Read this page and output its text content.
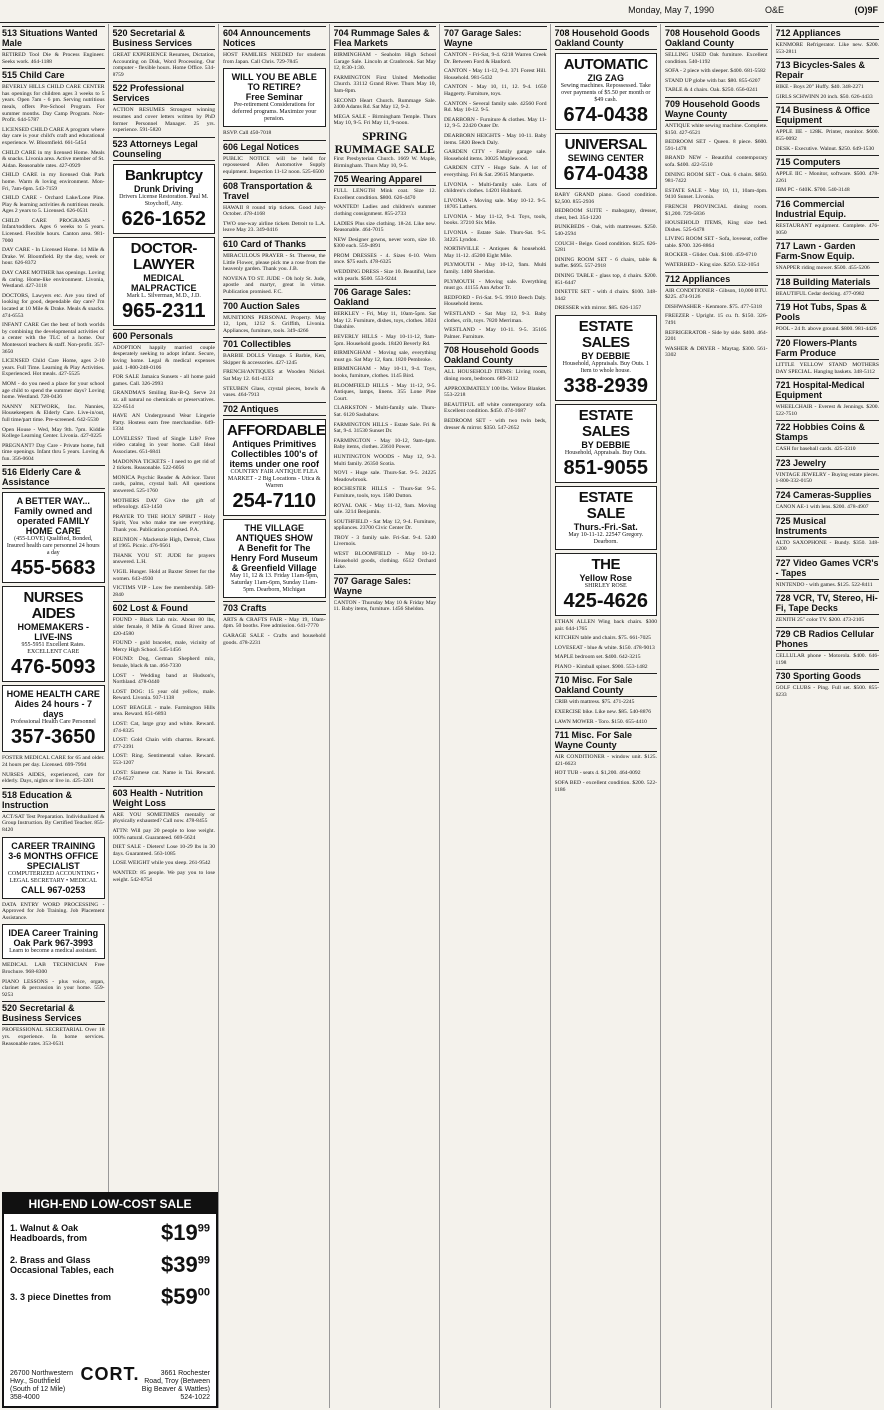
Monday, May 7, 1990	O&E	(O)9F
513 Situations Wanted Male
RETIRED Tool Die & Process Engineer. Seeks work. 464-1188
515 Child Care
BEVERLY HILLS CHILD CARE CENTER has openings for children ages 3 weeks to 5 years. Open 7am - 6 pm. Serving nutritious meals, offers Pre-School Program. For summer months. Day Camp Program. Non-Profit. 644-5787
LICENSED CHILD CARE A program where day care is your child's craft and educational experience. W. Bloomfield. 661-5454
CHILD CARE in my licensed Home. Meals & snacks. Livonia area. Active member of St. Aidan. Reasonable rates. 427-0929
CHILD CARE in my licensed Oak Park home. Warm & loving environment. Mon-Fri, 7am-6pm. 543-7159
CHILD CARE - Orchard Lake/Lone Pine. Play & learning activities & nutritious meals. Ages 2 years to 5. Licensed. 626-0531
CHILD CARE PROGRAMS - Infant/toddlers. Ages 6 weeks to 5 years. Licensed. Flexible hours. Canton area. 981-7000
DAY CARE - In Licensed Home. 14 Mile & Drake. W. Bloomfield. By the day, week or hour. 626-8372
DAY CARE MOTHER has openings. Loving & caring. Home-like environment. Livonia, Westland. 427-3118
DOCTORS, Lawyers etc. Are you tired of looking for good, dependable day care? I'm located at 10 Mile & Drake. Meals & snacks. 474-6553
INFANT CARE Get the best of both worlds by combining the developmental activities of a center with the TLC of a home. Our Montessori teachers & staff. Non-profit. 357-3650
LICENSED Child Care Home, ages 2-10 years. Full Time. Learning & Play Activities. Experienced. Hot meals. 427-5525
MOM - do you need a place for your school age child to spend the summer days? Loving home. Westland. 728-0436
NANNY NETWORK, Inc. Nannies, Housekeepers & Elderly Care. Live-in/out, full time/part time. Pre-screened. 642-5530
Open House - Wed, May 9th. 7pm. Kiddie Kollege Learning Center. Livonia. 427-0225
PREGNANT? Day Care - Private home, full time openings. Infant thru 5 years. Loving & fun. 356-0604
516 Elderly Care & Assistance
A BETTER WAY...
Family owned and operated FAMILY HOME CARE
(455-LOVE) Qualified, Bonded, Insured health care personnel 24 hours a day
455-5683
NURSES AIDES
HOMEMAKERS - LIVE-INS
955-5951 Excellent Rates. EXCELLENT CARE
476-5093
HOME HEALTH CARE
Aides 24 hours - 7 days
Professional Health Care Personnel
357-3650
FOSTER MEDICAL CARE for 65 and older. 24 hours per day. Licensed. 699-7994
NURSES AIDES, experienced, care for elderly. Days, nights or live in. 425-3201
518 Education & Instruction
ACT/SAT Test Preparation. Individualized & Group Instruction. By Certified Teacher. 855-8420
CAREER TRAINING
3-6 MONTHS OFFICE SPECIALIST
COMPUTERIZED ACCOUNTING • LEGAL SECRETARY • MEDICAL
CALL 967-0253
DATA ENTRY WORD PROCESSING - Approved for Job Training. Job Placement Assistance.
IDEA Career Training
Oak Park 967-3993
Learn to become a medical assistant.
MEDICAL LAB TECHNICIAN Free Brochure. 968-8300
PIANO LESSONS - plus voice, organ, clarinet & percussion in your home. 559-9253
520 Secretarial & Business Services
PROFESSIONAL SECRETARIAL Over 18 yrs. experience. In home services. Reasonable rates. 353-0531
520 Secretarial & Business Services
GREAT EXPERIENCE Resumes, Dictation, Accounting on Disk, Word Processing. Our computer - flexible hours. Home Office. 534-8759
522 Professional Services
ACTION RESUMES Strongest winning resumes and cover letters written by PhD former Personnel Manager. 25 yrs. experience. 591-5820
523 Attorneys Legal Counseling
Bankruptcy
Drunk Driving
Drivers License Restoration. Paul M. Stoychoff, Atty.
626-1652
DOCTOR-LAWYER
MEDICAL MALPRACTICE
Mark L. Silverman, M.D., J.D.
965-2311
600 Personals
ADOPTION happily married couple desperately seeking to adopt infant. Secure, loving home. Legal & medical expenses paid. 1-800-248-0106
FOR SALE Jamaica Sunsets - all home paid games. Call. 326-2993
GRANDMA'S Smiling Bar-B-Q. Serve 24 oz. all natural no chemicals or preservatives. 322-6514
HAVE AN Underground Wear Lingerie Party. Hostess earn free merchandise. 649-1334
LOVELESS? Tired of Single Life? Free video catalog in your home. Call Ideal Associates. 651-6841
MADONNA TICKETS - I need to get rid of 2 tickets. Reasonable. 522-6056
MONICA Psychic Reader & Advisor. Tarot cards, palms, crystal ball. All questions answered. 525-1760
MOTHERS DAY Give the gift of reflexology. 453-1450
PRAYER TO THE HOLY SPIRIT - Holy Spirit, You who make me see everything. Thank you. Publication promised. P.A.
REUNION - Mackenzie High, Detroit, Class of 1965. Picnic. 476-9561
THANK YOU ST. JUDE for prayers answered. L.H.
VIGIL Hunger. Hold at Baxter Street for the women. 643-4930
VICTIMS VIP - Low fee membership. 589-2840
602 Lost & Found
FOUND - Black Lab mix. About 80 lbs, older female, 8 Mile & Grand River area. 420-4580
FOUND - gold bracelet, male, vicinity of Mercy High School. 545-1456
FOUND: Dog, German Shepherd mix, female, black & tan. 464-7330
LOST - Wedding band at Hudson's, Northland. 478-0440
LOST DOG: 15 year old yellow, male. Reward. Livonia. 937-1138
LOST BEAGLE - male. Farmington Hills area. Reward. 851-6893
LOST: Cat, large gray and white. Reward. 474-8325
LOST: Gold Chain with charms. Reward. 477-2391
LOST: Ring. Sentimental value. Reward. 553-1207
LOST: Siamese cat. Name is Tai. Reward. 474-6527
603 Health - Nutrition Weight Loss
ARE YOU SOMETIMES mentally or physically exhausted? Call now. 478-8455
ATTN: Will pay 20 people to lose weight. 100% natural. Guaranteed. 669-5624
DIET SALE - Dieters! Lose 10-29 lbs in 30 days. Guaranteed. 563-1085
LOSE WEIGHT while you sleep. 261-9542
WANTED: 85 people. We pay you to lose weight. 542-8754
604 Announcements Notices
HOST FAMILIES NEEDED for students from Japan. Call Chris. 729-7845
WILL YOU BE ABLE TO RETIRE?
Free Seminar
Pre-retirement Considerations for deferred programs. Maximize your pension.
RSVP. Call 450-7018
606 Legal Notices
PUBLIC NOTICE will be held for repossessed Allen Automotive Supply equipment. Inspection 11-12 noon. 525-6500
608 Transportation & Travel
HAWAII 8 round trip tickets. Good July-October. 478-4168
TWO one-way airline tickets Detroit to L.A. leave May 23. 349-0416
610 Card of Thanks
MIRACULOUS PRAYER - St. Therese, the Little Flower, please pick me a rose from the heavenly garden. Thank you. J.B.
NOVENA TO ST. JUDE - Oh holy St. Jude, apostle and martyr, great in virtue. Publication promised. F.C.
700 Auction Sales
MUNITIONS PERSONAL Property. May 12, 1pm, 1212 S. Griffith, Livonia. Appliances, furniture, tools. 349-4266
701 Collectibles
BARBIE DOLLS Vintage. 5 Barbie, Ken, Skipper & accessories. 427-1245
FRENCH/ANTIQUES at Wooden Nickel. Sat May 12. 641-4133
STEUBEN Glass, crystal pieces, bowls & vases. 464-7913
702 Antiques
AFFORDABLE
Antiques Primitives Collectibles 100's of items under one roof
COUNTRY FAIR ANTIQUE FLEA MARKET - 2 Big Locations - Utica & Warren
254-7110
THE VILLAGE ANTIQUES SHOW
A Benefit for The Henry Ford Museum & Greenfield Village
May 11, 12 & 13. Friday 11am-9pm, Saturday 11am-6pm, Sunday 11am-5pm. Dearborn, Michigan
703 Crafts
ARTS & CRAFTS FAIR - May 19, 10am-4pm. 50 booths. Free admission. 641-7770
GARAGE SALE - Crafts and household goods. 478-2231
704 Rummage Sales & Flea Markets
BIRMINGHAM - Seaholm High School Garage Sale. Lincoln at Cranbrook. Sat May 12, 8:30-1:30.
FARMINGTON First United Methodist Church. 33112 Grand River. Thurs May 10, 9am-8pm.
SECOND Heart Church. Rummage Sale. 2400 Adams Rd. Sat May 12, 9-2.
MEGA SALE - Birmingham Temple. Thurs May 10, 9-5. Fri May 11, 9-noon.
SPRING RUMMAGE SALE
First Presbyterian Church. 1669 W. Maple, Birmingham. Thurs May 10, 9-5.
705 Wearing Apparel
FULL LENGTH Mink coat. Size 12. Excellent condition. $800. 626-4470
WANTED! Ladies and children's summer clothing consignment. 855-2733
LADIES Plus size clothing. 18-24. Like new. Reasonable. 464-7015
NEW Designer gowns, never worn, size 10. $300 each. 559-4891
PROM DRESSES - 4. Sizes 6-10. Worn once. $75 each. 478-6325
WEDDING DRESS - Size 10. Beautiful, lace with pearls. $500. 553-9244
706 Garage Sales: Oakland
BERKLEY - Fri, May 11, 10am-5pm. Sat May 12. Furniture, dishes, toys, clothes. 3024 Oakshire.
BEVERLY HILLS - May 10-11-12, 9am-5pm. Household goods. 18420 Beverly Rd.
BIRMINGHAM - Moving sale, everything must go. Sat May 12, 8am. 1820 Pembroke.
BIRMINGHAM - May 10-11, 9-4. Toys, books, furniture, clothes. 1145 Bird.
BLOOMFIELD HILLS - May 11-12, 9-5. Antiques, lamps, linens. 355 Lone Pine Court.
CLARKSTON - Multi-family sale. Thurs-Sat. 6120 Sashabaw.
FARMINGTON HILLS - Estate Sale. Fri & Sat, 9-4. 31530 Sunset Dr.
FARMINGTON - May 10-12, 9am-4pm. Baby items, clothes. 23610 Power.
HUNTINGTON WOODS - May 12, 9-3. Multi family. 26350 Scotia.
NOVI - Huge sale. Thurs-Sat. 9-5. 24225 Meadowbrook.
ROCHESTER HILLS - Thurs-Sat 9-5. Furniture, tools, toys. 1580 Dutton.
ROYAL OAK - May 11-12, 9am. Moving sale. 3214 Benjamin.
SOUTHFIELD - Sat May 12, 9-4. Furniture, appliances. 23700 Civic Center Dr.
TROY - 3 family sale. Fri-Sat. 9-4. 5240 Livernois.
WEST BLOOMFIELD - May 10-12. Household goods, clothing. 6512 Orchard Lake.
707 Garage Sales: Wayne
CANTON - Thursday May 10 & Friday May 11. Baby items, furniture. 1456 Sheldon.
707 Garage Sales: Wayne
CANTON - Fri-Sat, 9-4. 6218 Warren Creek Dr. Between Ford & Hanford.
CANTON - May 11-12, 9-4. 371 Forest Hill. Household. 981-5432
CANTON - May 10, 11, 12. 9-4. 1650 Haggerty. Furniture, toys.
CANTON - Several family sale. 42560 Ford Rd. May 10-12. 9-5.
DEARBORN - Furniture & clothes. May 11-12, 9-5. 22420 Outer Dr.
DEARBORN HEIGHTS - May 10-11. Baby items. 5820 Beech Daly.
GARDEN CITY - Family garage sale. Household items. 30025 Maplewood.
GARDEN CITY - Huge Sale. A lot of everything. Fri & Sat. 29615 Marquette.
LIVONIA - Multi-family sale. Lots of children's clothes. 14201 Hubbard.
LIVONIA - Moving sale. May 10-12. 9-5. 18705 Lathers.
LIVONIA - May 11-12, 9-4. Toys, tools, books. 37210 Six Mile.
LIVONIA - Estate Sale. Thurs-Sat. 9-5. 34225 Lyndon.
NORTHVILLE - Antiques & household. May 11-12. 45200 Eight Mile.
PLYMOUTH - May 10-12, 9am. Multi family. 1400 Sheridan.
PLYMOUTH - Moving sale. Everything must go. 41155 Ann Arbor Tr.
REDFORD - Fri-Sat. 9-5. 9910 Beech Daly. Household items.
WESTLAND - Sat May 12, 9-3. Baby clothes, crib, toys. 7820 Merriman.
WESTLAND - May 10-11. 9-5. 35105 Palmer. Furniture.
708 Household Goods Oakland County
ALL HOUSEHOLD ITEMS: Living room, dining room, bedroom. 689-3112
APPROXIMATELY 100 lbs. Yellow Blanket. 553-2218
BEAUTIFUL off white contemporary sofa. Excellent condition. $450. 474-1687
BEDROOM SET - with two twin beds, dresser & mirror. $350. 547-2652
708 Household Goods Oakland County
AUTOMATIC
ZIG ZAG
Sewing machines. Repossessed. Take over payments of $5.50 per month or $49 cash.
674-0438
UNIVERSAL
SEWING CENTER
674-0438
BABY GRAND piano. Good condition. $2,500. 855-2936
BEDROOM SUITE - mahogany, dresser, chest, bed. 354-1220
BUNKBEDS - Oak, with mattresses. $250. 540-2594
COUCH - Beige. Good condition. $125. 626-5281
DINING ROOM SET - 6 chairs, table & buffet. $695. 557-2918
DINING TABLE - glass top, 4 chairs. $200. 851-6447
DINETTE SET - with 4 chairs. $100. 348-0442
DRESSER with mirror. $85. 626-1357
ESTATE SALES
BY DEBBIE
Household, Appraisals. Buy Outs. 1 Item to whole house.
338-2939
ESTATE SALES
BY DEBBIE
Household, Appraisals. Buy Outs.
851-9055
ESTATE SALE
Thurs.-Fri.-Sat.
May 10-11-12. 22547 Gregory. Dearborn.
THE
Yellow Rose
SHIRLEY ROSE
425-4626
ETHAN ALLEN Wing back chairs. $300 pair. 644-1765
KITCHEN table and chairs. $75. 661-7025
LOVESEAT - blue & white. $150. 478-9013
MAPLE bedroom set. $400. 642-3215
PIANO - Kimball spinet. $900. 553-1482
710 Misc. For Sale Oakland County
CRIB with mattress. $75. 471-2245
EXERCISE bike. Like new. $85. 540-8876
LAWN MOWER - Toro. $150. 655-4410
711 Misc. For Sale Wayne County
AIR CONDITIONER - window unit. $125. 421-6623
HOT TUB - seats 4. $1,200. 464-0092
SOFA BED - excellent condition. $200. 522-1186
708 Household Goods Oakland County
SELLING USED Oak furniture. Excellent condition. 540-1192
SOFA - 2 piece with sleeper. $400. 681-5582
STAND UP globe with bar. $80. 855-6207
TABLE & 4 chairs. Oak. $250. 656-0241
709 Household Goods Wayne County
ANTIQUE white sewing machine. Complete. $150. 427-6521
BEDROOM SET - Queen. 8 piece. $600. 591-1478
BRAND NEW - Beautiful contemporary sofa. $400. 422-5510
DINING ROOM SET - Oak. 6 chairs. $850. 981-7422
ESTATE SALE - May 10, 11, 10am-4pm. 9410 Sunset. Livonia.
FRENCH PROVINCIAL dining room. $1,200. 729-5836
HOUSEHOLD ITEMS, King size bed. Dishes. 525-6478
LIVING ROOM SET - Sofa, loveseat, coffee table. $700. 326-8864
ROCKER - Glider. Oak. $100. 459-6710
WATERBED - King size. $250. 532-1054
712 Appliances
AIR CONDITIONER - Gibson, 10,000 BTU. $225. 474-9126
DISHWASHER - Kenmore. $75. 477-5318
FREEZER - Upright. 15 cu. ft. $150. 326-7491
REFRIGERATOR - Side by side. $400. 464-2201
WASHER & DRYER - Maytag. $300. 561-3302
712 Appliances
KENMORE Refrigerator. Like new. $200. 553-2811
713 Bicycles-Sales & Repair
BIKE - Boys 20" Huffy. $40. 348-2271
GIRLS SCHWINN 20 inch. $50. 626-4433
714 Business & Office Equipment
APPLE IIE - 128K. Printer, monitor. $600. 855-0092
DESK - Executive. Walnut. $250. 649-1530
715 Computers
APPLE IIC - Monitor, software. $500. 478-2261
IBM PC - 640K. $700. 540-3148
716 Commercial Industrial Equip.
RESTAURANT equipment. Complete. 476-0050
717 Lawn - Garden Farm-Snow Equip.
SNAPPER riding mower. $500. 455-5206
718 Building Materials
BEAUTIFUL Cedar decking. 477-0982
719 Hot Tubs, Spas & Pools
POOL - 24 ft. above ground. $800. 981-4426
720 Flowers-Plants Farm Produce
LITTLE YELLOW STAND MOTHERS DAY SPECIAL. Hanging baskets. 348-5112
721 Hospital-Medical Equipment
WHEELCHAIR - Everest & Jennings. $200. 522-7510
722 Hobbies Coins & Stamps
CASH for baseball cards. 425-3310
723 Jewelry
VINTAGE JEWELRY - Buying estate pieces. 1-800-332-0150
724 Cameras-Supplies
CANON AE-1 with lens. $200. 478-4907
725 Musical Instruments
ALTO SAXOPHONE - Bundy. $350. 348-1200
727 Video Games VCR's - Tapes
NINTENDO - with games. $125. 522-8411
728 VCR, TV, Stereo, Hi-Fi, Tape Decks
ZENITH 25" color TV. $200. 473-2105
729 CB Radios Cellular Phones
CELLULAR phone - Motorola. $400. 646-1198
730 Sporting Goods
GOLF CLUBS - Ping. Full set. $500. 855-6233
HIGH-END LOW-COST SALE
1. Walnut & Oak Headboards, from	$\$19^{99}$
2. Brass and Glass Occasional Tables, each	$\$39^{99}$
3. 3 piece Dinettes from	$\$59^{00}$
26700 Northwestern Hwy., Southfield (South of 12 Mile) 358-4000
CORT.	3661 Rochester Road, Troy (Between Big Beaver & Wattles) 524-1022
